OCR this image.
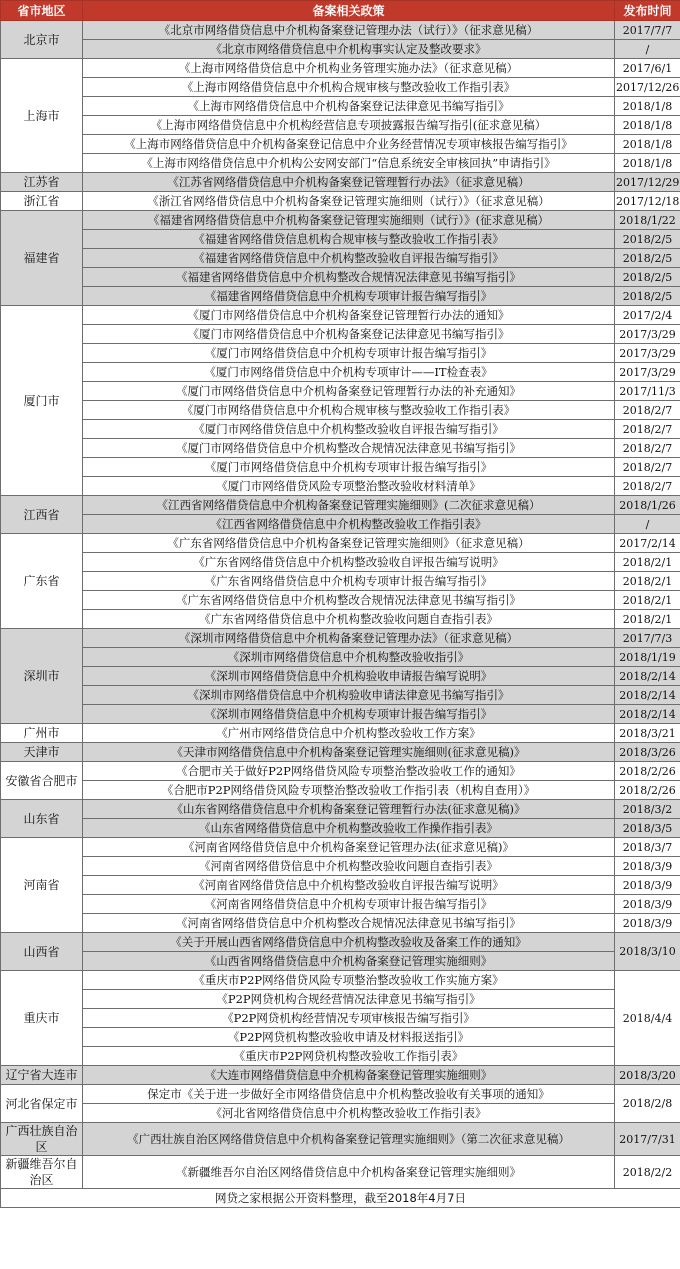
省市地区	备案相关政策	发布时间
北京市	《北京市网络借贷信息中介机构备案登记管理办法（试行）》（征求意见稿）	2017/7/7
	《北京市网络借贷信息中介机构事实认定及整改要求》	/
上海市	《上海市网络借贷信息中介机构业务管理实施办法》（征求意见稿）	2017/6/1
	《上海市网络借贷信息中介机构合规审核与整改验收工作指引表》	2017/12/26
	《上海市网络借贷信息中介机构备案登记法律意见书编写指引》	2018/1/8
	《上海市网络借贷信息中介机构经营信息专项披露报告编写指引(征求意见稿）	2018/1/8
	《上海市网络借贷信息中介机构备案登记信息中介业务经营情况专项审核报告编写指引》	2018/1/8
	《上海市网络借贷信息中介机构公安网安部门“信息系统安全审核回执”申请指引》	2018/1/8
江苏省	《江苏省网络借贷信息中介机构备案登记管理暂行办法》（征求意见稿）	2017/12/29
浙江省	《浙江省网络借贷信息中介机构备案登记管理实施细则（试行）》（征求意见稿）	2017/12/18
福建省	《福建省网络借贷信息中介机构备案登记管理实施细则（试行）》(征求意见稿）	2018/1/22
	《福建省网络借贷信息机构合规审核与整改验收工作指引表》	2018/2/5
	《福建省网络借贷信息中介机构整改验收自评报告编写指引》	2018/2/5
	《福建省网络借贷信息中介机构整改合规情况法律意见书编写指引》	2018/2/5
	《福建省网络借贷信息中介机构专项审计报告编写指引》	2018/2/5
厦门市	《厦门市网络借贷信息中介机构备案登记管理暂行办法的通知》	2017/2/4
	《厦门市网络借贷信息中介机构备案登记法律意见书编写指引》	2017/3/29
	《厦门市网络借贷信息中介机构专项审计报告编写指引》	2017/3/29
	《厦门市网络借贷信息中介机构专项审计——IT检查表》	2017/3/29
	《厦门市网络借贷信息中介机构备案登记管理暂行办法的补充通知》	2017/11/3
	《厦门市网络借贷信息中介机构合规审核与整改验收工作指引表》	2018/2/7
	《厦门市网络借贷信息中介机构整改验收自评报告编写指引》	2018/2/7
	《厦门市网络借贷信息中介机构整改合规情况法律意见书编写指引》	2018/2/7
	《厦门市网络借贷信息中介机构专项审计报告编写指引》	2018/2/7
	《厦门市网络借贷风险专项整治整改验收材料清单》	2018/2/7
江西省	《江西省网络借贷信息中介机构备案登记管理实施细则》(二次征求意见稿）	2018/1/26
	《江西省网络借贷信息中介机构整改验收工作指引表》	/
广东省	《广东省网络借贷信息中介机构备案登记管理实施细则》（征求意见稿）	2017/2/14
	《广东省网络借贷信息中介机构整改验收自评报告编写说明》	2018/2/1
	《广东省网络借贷信息中介机构专项审计报告编写指引》	2018/2/1
	《广东省网络借贷信息中介机构整改合规情况法律意见书编写指引》	2018/2/1
	《广东省网络借贷信息中介机构整改验收问题自查指引表》	2018/2/1
深圳市	《深圳市网络借贷信息中介机构备案登记管理办法》（征求意见稿）	2017/7/3
	《深圳市网络借贷信息中介机构整改验收指引》	2018/1/19
	《深圳市网络借贷信息中介机构验收申请报告编写说明》	2018/2/14
	《深圳市网络借贷信息中介机构验收申请法律意见书编写指引》	2018/2/14
	《深圳市网络借贷信息中介机构专项审计报告编写指引》	2018/2/14
广州市	《广州市网络借贷信息中介机构整改验收工作方案》	2018/3/21
天津市	《天津市网络借贷信息中介机构备案登记管理实施细则(征求意见稿)》	2018/3/26
安徽省合肥市	《合肥市关于做好P2P网络借贷风险专项整治整改验收工作的通知》	2018/2/26
	《合肥市P2P网络借贷风险专项整治整改验收工作指引表（机构自查用）》	2018/2/26
山东省	《山东省网络借贷信息中介机构备案登记管理暂行办法(征求意见稿)》	2018/3/2
	《山东省网络借贷信息中介机构整改验收工作操作指引表》	2018/3/5
河南省	《河南省网络借贷信息中介机构备案登记管理办法(征求意见稿)》	2018/3/7
	《河南省网络借贷信息中介机构整改验收问题自查指引表》	2018/3/9
	《河南省网络借贷信息中介机构整改验收自评报告编写说明》	2018/3/9
	《河南省网络借贷信息中介机构专项审计报告编写指引》	2018/3/9
	《河南省网络借贷信息中介机构整改合规情况法律意见书编写指引》	2018/3/9
山西省	《关于开展山西省网络借贷信息中介机构整改验收及备案工作的通知》	2018/3/10
	《山西省网络借贷信息中介机构备案登记管理实施细则》	
重庆市	《重庆市P2P网络借贷风险专项整治整改验收工作实施方案》	2018/4/4
	《P2P网贷机构合规经营情况法律意见书编写指引》	
	《P2P网贷机构经营情况专项审核报告编写指引》	
	《P2P网贷机构整改验收申请及材料报送指引》	
	《重庆市P2P网贷机构整改验收工作指引表》	
辽宁省大连市	《大连市网络借贷信息中介机构备案登记管理实施细则》	2018/3/20
河北省保定市	保定市《关于进一步做好全市网络借贷信息中介机构整改验收有关事项的通知》	2018/2/8
	《河北省网络借贷信息中介机构整改验收工作指引表》	
广西壮族自治区	《广西壮族自治区网络借贷信息中介机构备案登记管理实施细则》（第二次征求意见稿）	2017/7/31
新疆维吾尔自治区	《新疆维吾尔自治区网络借贷信息中介机构备案登记管理实施细则》	2018/2/2
网贷之家根据公开资料整理，截至2018年4月7日		
